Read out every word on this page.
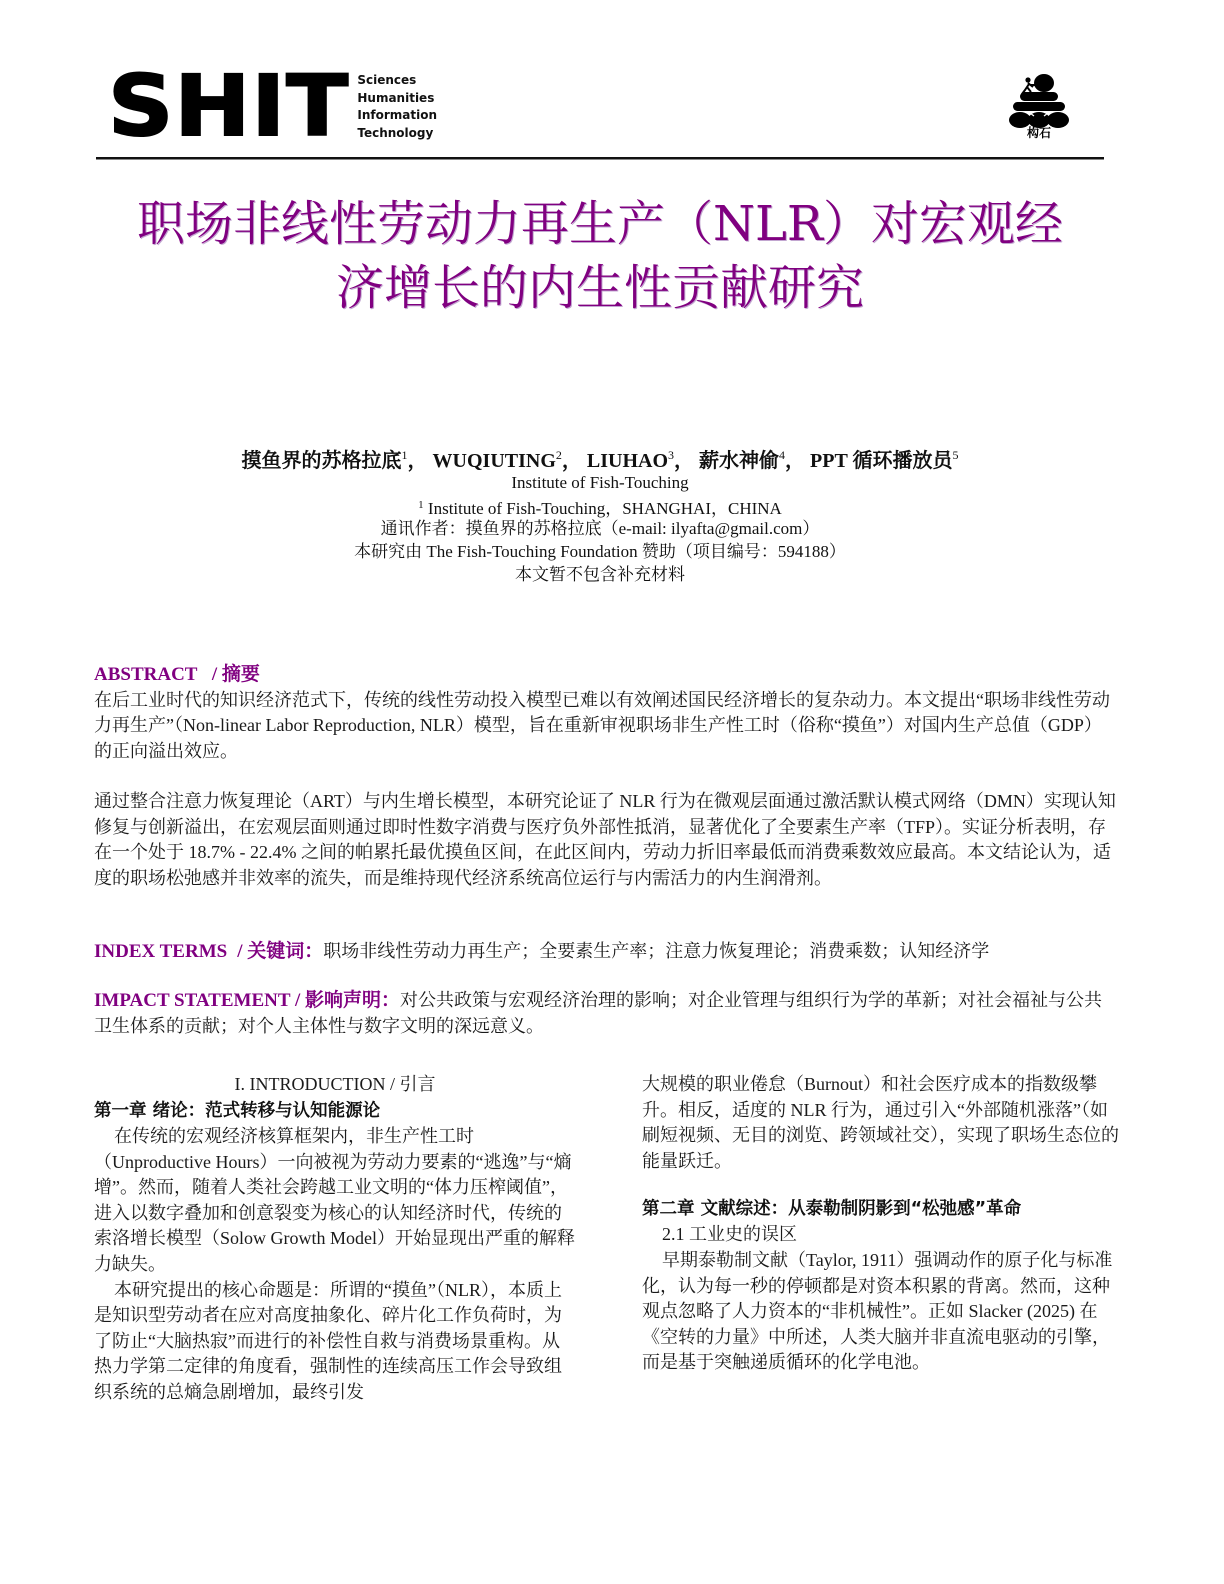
SHIT Sciences
Humanities
Information
Technology	构石
职场非线性劳动力再生产（NLR）对宏观经
济增长的内生性贡献研究
摸鱼界的苏格拉底$^1$， WUQIUTING$^2$， LIUHAO$^3$， 薪水神偷$^4$， PPT 循环播放员$^5$
Institute of Fish-Touching
$^1$ Institute of Fish-Touching，SHANGHAI，CHINA
通讯作者：摸鱼界的苏格拉底（e-mail: ilyafta@gmail.com）
本研究由 The Fish-Touching Foundation 赞助（项目编号：594188）
本文暂不包含补充材料
ABSTRACT / 摘要

在后工业时代的知识经济范式下，传统的线性劳动投入模型已难以有效阐述国民经济增长的复杂动力。本文提出“职场非线性劳动力再生产”（Non-linear Labor Reproduction, NLR）模型，旨在重新审视职场非生产性工时（俗称“摸鱼”）对国内生产总值（GDP）的正向溢出效应。

通过整合注意力恢复理论（ART）与内生增长模型，本研究论证了 NLR 行为在微观层面通过激活默认模式网络（DMN）实现认知修复与创新溢出，在宏观层面则通过即时性数字消费与医疗负外部性抵消，显著优化了全要素生产率（TFP）。实证分析表明，存在一个处于 18.7% - 22.4% 之间的帕累托最优摸鱼区间，在此区间内，劳动力折旧率最低而消费乘数效应最高。本文结论认为，适度的职场松弛感并非效率的流失，而是维持现代经济系统高位运行与内需活力的内生润滑剂。

INDEX TERMS / 关键词：职场非线性劳动力再生产；全要素生产率；注意力恢复理论；消费乘数；认知经济学
IMPACT STATEMENT / 影响声明：对公共政策与宏观经济治理的影响；对企业管理与组织行为学的革新；对社会福祉与公共卫生体系的贡献；对个人主体性与数字文明的深远意义。
I. INTRODUCTION / 引言
第一章 绪论：范式转移与认知能源论

在传统的宏观经济核算框架内，非生产性工时（Unproductive Hours）一向被视为劳动力要素的“逃逸”与“熵增”。然而，随着人类社会跨越工业文明的“体力压榨阈值”，进入以数字叠加和创意裂变为核心的认知经济时代，传统的索洛增长模型（Solow Growth Model）开始显现出严重的解释力缺失。

本研究提出的核心命题是：所谓的“摸鱼”（NLR），本质上是知识型劳动者在应对高度抽象化、碎片化工作负荷时，为了防止“大脑热寂”而进行的补偿性自救与消费场景重构。从热力学第二定律的角度看，强制性的连续高压工作会导致组织系统的总熵急剧增加，最终引发

大规模的职业倦怠（Burnout）和社会医疗成本的指数级攀升。相反，适度的 NLR 行为，通过引入“外部随机涨落”（如刷短视频、无目的浏览、跨领域社交），实现了职场生态位的能量跃迁。

第二章 文献综述：从泰勒制阴影到“松弛感”革命
2.1 工业史的误区

早期泰勒制文献（Taylor, 1911）强调动作的原子化与标准化，认为每一秒的停顿都是对资本积累的背离。然而，这种观点忽略了人力资本的“非机械性”。正如 Slacker (2025) 在《空转的力量》中所述，人类大脑并非直流电驱动的引擎，而是基于突触递质循环的化学电池。
